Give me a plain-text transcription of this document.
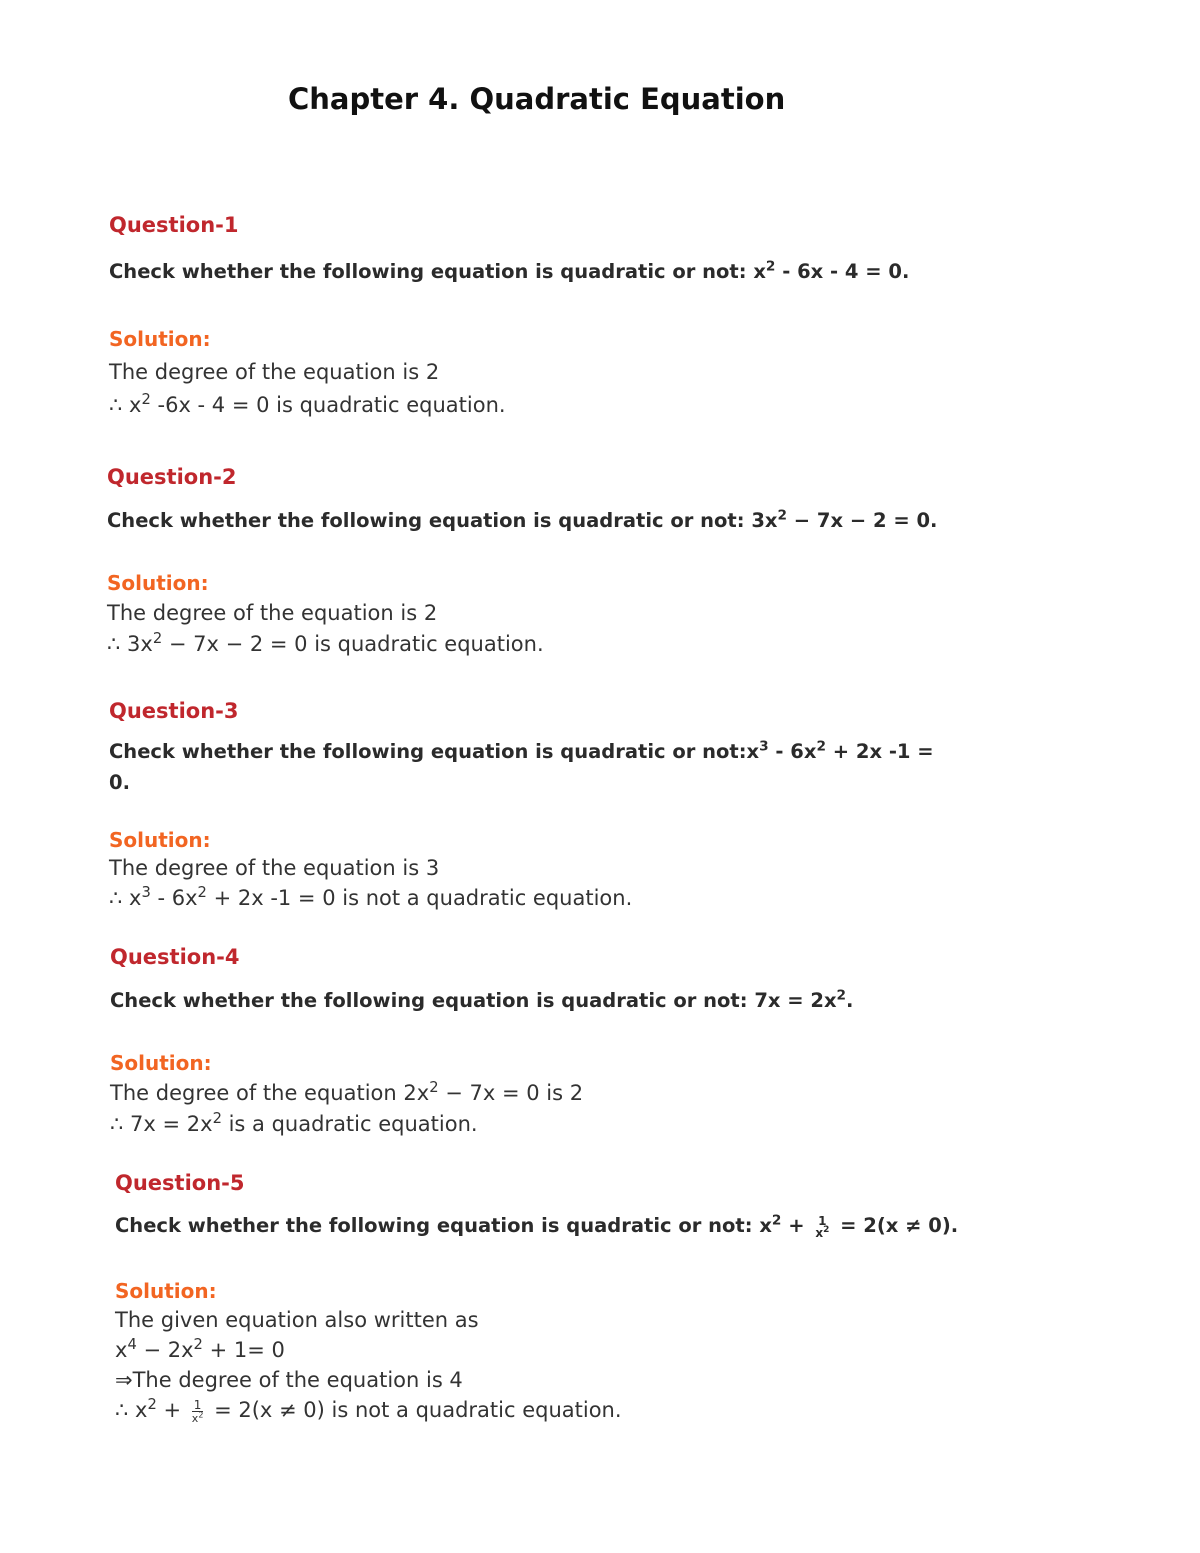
Chapter 4. Quadratic Equation
Question-1
Check whether the following equation is quadratic or not: $x^2 - 6x - 4 = 0$.
Solution:
The degree of the equation is 2
∴ $x^2$ -6x - 4 = 0 is quadratic equation.
Question-2
Check whether the following equation is quadratic or not: $3x^2 - 7x - 2 = 0$.
Solution:
The degree of the equation is 2
∴ $3x^2 - 7x - 2 = 0$ is quadratic equation.
Question-3
Check whether the following equation is quadratic or $not:x^3 - 6x^2 + 2x$ -1 =
0.
Solution:
The degree of the equation is 3
∴ $x^3 - 6x^2 + 2x$ -1 = 0 is not a quadratic equation.
Question-4
Check whether the following equation is quadratic or not: $7x = 2x^2$.
Solution:
The degree of the equation $2x^2 - 7x = 0$ is 2
∴ $7x = 2x^2$ is a quadratic equation.
Question-5
Check whether the following equation is quadratic or not: $x^2 + 1$
$x^2 = 2(x \ne 0)$.
Solution:
The given equation also written as
$x^4 - 2x^2 + 1= 0$
⇒The degree of the equation is 4
∴ $x^2 + \frac{1}{x^2} = 2(x \ne 0)$ is not a quadratic equation.
